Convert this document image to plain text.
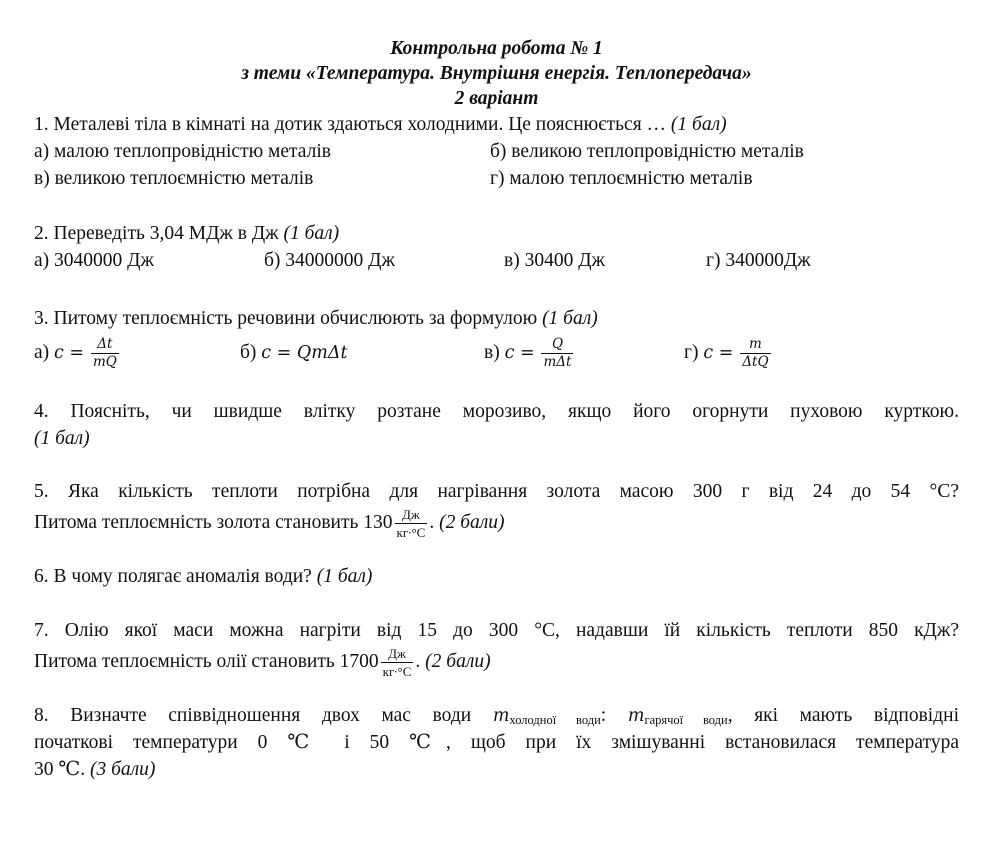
Контрольна робота № 1
з теми «Температура. Внутрішня енергія. Теплопередача»
2 варіант
1. Металеві тіла в кімнаті на дотик здаються холодними. Це пояснюється … (1 бал)
а) малою теплопровідністю металів	б) великою теплопровідністю металів
в) великою теплоємністю металів	г) малою теплоємністю металів
2. Переведіть 3,04 МДж в Дж (1 бал)
а) 3040000 Дж	б) 34000000 Дж	в) 30400 Дж	г) 340000Дж
3. Питому теплоємність речовини обчислюють за формулою (1 бал)
а) $c = \frac{\Delta t}{mQ}$	б) c = QmΔt	в) $c = \frac{Q}{\text{mΔt}}$	г) $c = \frac{m}{\text{ΔtQ}}$
4. Поясніть, чи швидше влітку розтане морозиво, якщо його огорнути пуховою курткою.
(1 бал)
5. Яка кількість теплоти потрібна для нагрівання золота масою 300 г від 24 до 54 °С?
Питома теплоємність золота становить $130 \frac{Дж}{кг\cdot^\circ С}$ . (2 бали)
6. В чому полягає аномалія води? (1 бал)
7. Олію якої маси можна нагріти від 15 до 300 °С, надавши їй кількість теплоти 850 кДж?
Питома теплоємність олії становить $1700 \frac{Дж}{кг\cdot^\circ С}$ . (2 бали)
8. Визначте співвідношення двох мас води $m_{холодної води}$: $m_{гарячої води}$, які мають відповідні
початкові температури 0 ℃ і 50 ℃, щоб при їх змішуванні встановилася температура
30 ℃. (3 бали)
